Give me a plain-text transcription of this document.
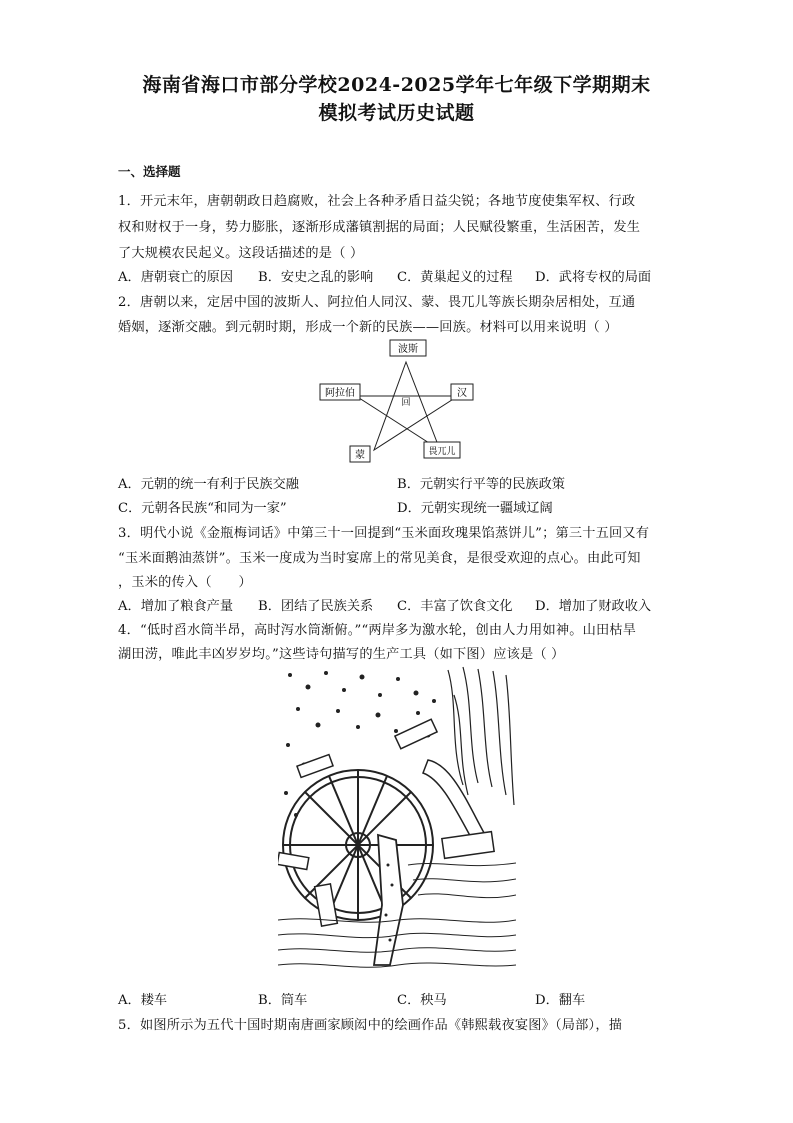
海南省海口市部分学校2024-2025学年七年级下学期期末
模拟考试历史试题
一、选择题
1．开元末年，唐朝朝政日趋腐败，社会上各种矛盾日益尖锐；各地节度使集军权、行政
权和财权于一身，势力膨胀，逐渐形成藩镇割据的局面；人民赋役繁重，生活困苦，发生
了大规模农民起义。这段话描述的是（ ）
A．唐朝衰亡的原因 B．安史之乱的影响 C．黄巢起义的过程 D．武将专权的局面
2．唐朝以来，定居中国的波斯人、阿拉伯人同汉、蒙、畏兀儿等族长期杂居相处，互通
婚姻，逐渐交融。到元朝时期，形成一个新的民族——回族。材料可以用来说明（ ）
波斯
阿拉伯	汉
回
蒙	畏兀儿
A．元朝的统一有利于民族交融	B．元朝实行平等的民族政策
C．元朝各民族“和同为一家”	D．元朝实现统一疆域辽阔
3．明代小说《金瓶梅词话》中第三十一回提到“玉米面玫瑰果馅蒸饼儿”；第三十五回又有
“玉米面鹅油蒸饼”。玉米一度成为当时宴席上的常见美食，是很受欢迎的点心。由此可知
，玉米的传入（　　）
A．增加了粮食产量 B．团结了民族关系 C．丰富了饮食文化 D．增加了财政收入
4．“低时舀水筒半昂，高时泻水筒渐俯。”“两岸多为激水轮，创由人力用如神。山田枯旱
湖田涝，唯此丰凶岁岁均。”这些诗句描写的生产工具（如下图）应该是（ ）
A．耧车	B．筒车	C．秧马	D．翻车
5．如图所示为五代十国时期南唐画家顾闳中的绘画作品《韩熙载夜宴图》（局部），描
